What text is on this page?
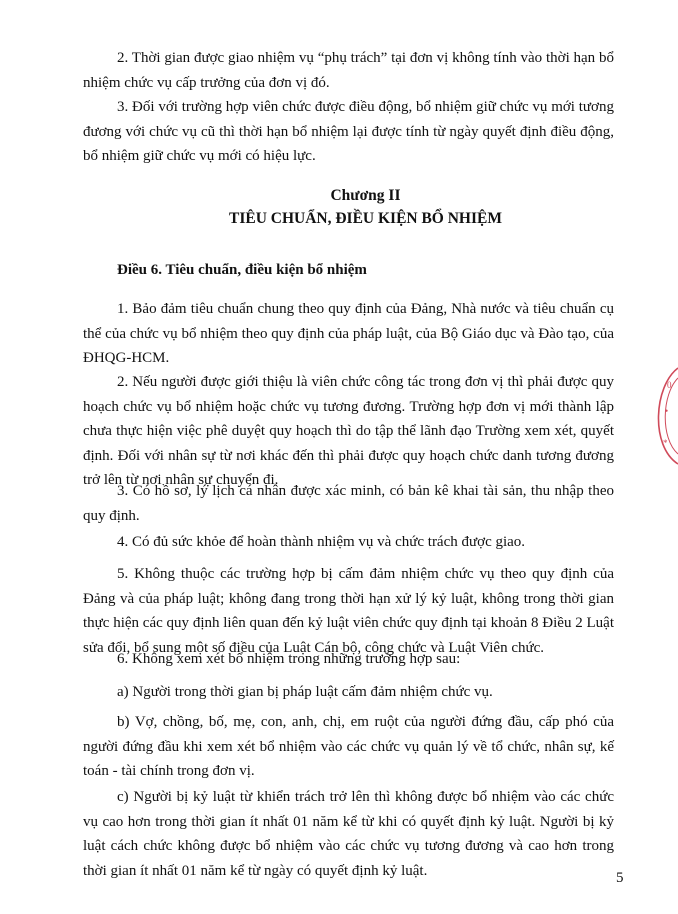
2. Thời gian được giao nhiệm vụ “phụ trách” tại đơn vị không tính vào thời hạn bổ nhiệm chức vụ cấp trưởng của đơn vị đó.

3. Đối với trường hợp viên chức được điều động, bổ nhiệm giữ chức vụ mới tương đương với chức vụ cũ thì thời hạn bổ nhiệm lại được tính từ ngày quyết định điều động, bổ nhiệm giữ chức vụ mới có hiệu lực.

Chương II
TIÊU CHUẨN, ĐIỀU KIỆN BỔ NHIỆM
Điều 6. Tiêu chuẩn, điều kiện bổ nhiệm

1. Bảo đảm tiêu chuẩn chung theo quy định của Đảng, Nhà nước và tiêu chuẩn cụ thể của chức vụ bổ nhiệm theo quy định của pháp luật, của Bộ Giáo dục và Đào tạo, của ĐHQG-HCM.

2. Nếu người được giới thiệu là viên chức công tác trong đơn vị thì phải được quy hoạch chức vụ bổ nhiệm hoặc chức vụ tương đương. Trường hợp đơn vị mới thành lập chưa thực hiện việc phê duyệt quy hoạch thì do tập thể lãnh đạo Trường xem xét, quyết định. Đối với nhân sự từ nơi khác đến thì phải được quy hoạch chức danh tương đương trở lên từ nơi nhân sự chuyển đi.

3. Có hồ sơ, lý lịch cá nhân được xác minh, có bản kê khai tài sản, thu nhập theo quy định.

4. Có đủ sức khỏe để hoàn thành nhiệm vụ và chức trách được giao.

5. Không thuộc các trường hợp bị cấm đảm nhiệm chức vụ theo quy định của Đảng và của pháp luật; không đang trong thời hạn xử lý kỷ luật, không trong thời gian thực hiện các quy định liên quan đến kỷ luật viên chức quy định tại khoản 8 Điều 2 Luật sửa đổi, bổ sung một số điều của Luật Cán bộ, công chức và Luật Viên chức.

6. Không xem xét bổ nhiệm trong những trường hợp sau:

a) Người trong thời gian bị pháp luật cấm đảm nhiệm chức vụ.

b) Vợ, chồng, bố, mẹ, con, anh, chị, em ruột của người đứng đầu, cấp phó của người đứng đầu khi xem xét bổ nhiệm vào các chức vụ quản lý về tổ chức, nhân sự, kế toán - tài chính trong đơn vị.

c) Người bị kỷ luật từ khiển trách trở lên thì không được bổ nhiệm vào các chức vụ cao hơn trong thời gian ít nhất 01 năm kể từ khi có quyết định kỷ luật. Người bị kỷ luật cách chức không được bổ nhiệm vào các chức vụ tương đương và cao hơn trong thời gian ít nhất 01 năm kể từ ngày có quyết định kỷ luật.	5
0
•
*
